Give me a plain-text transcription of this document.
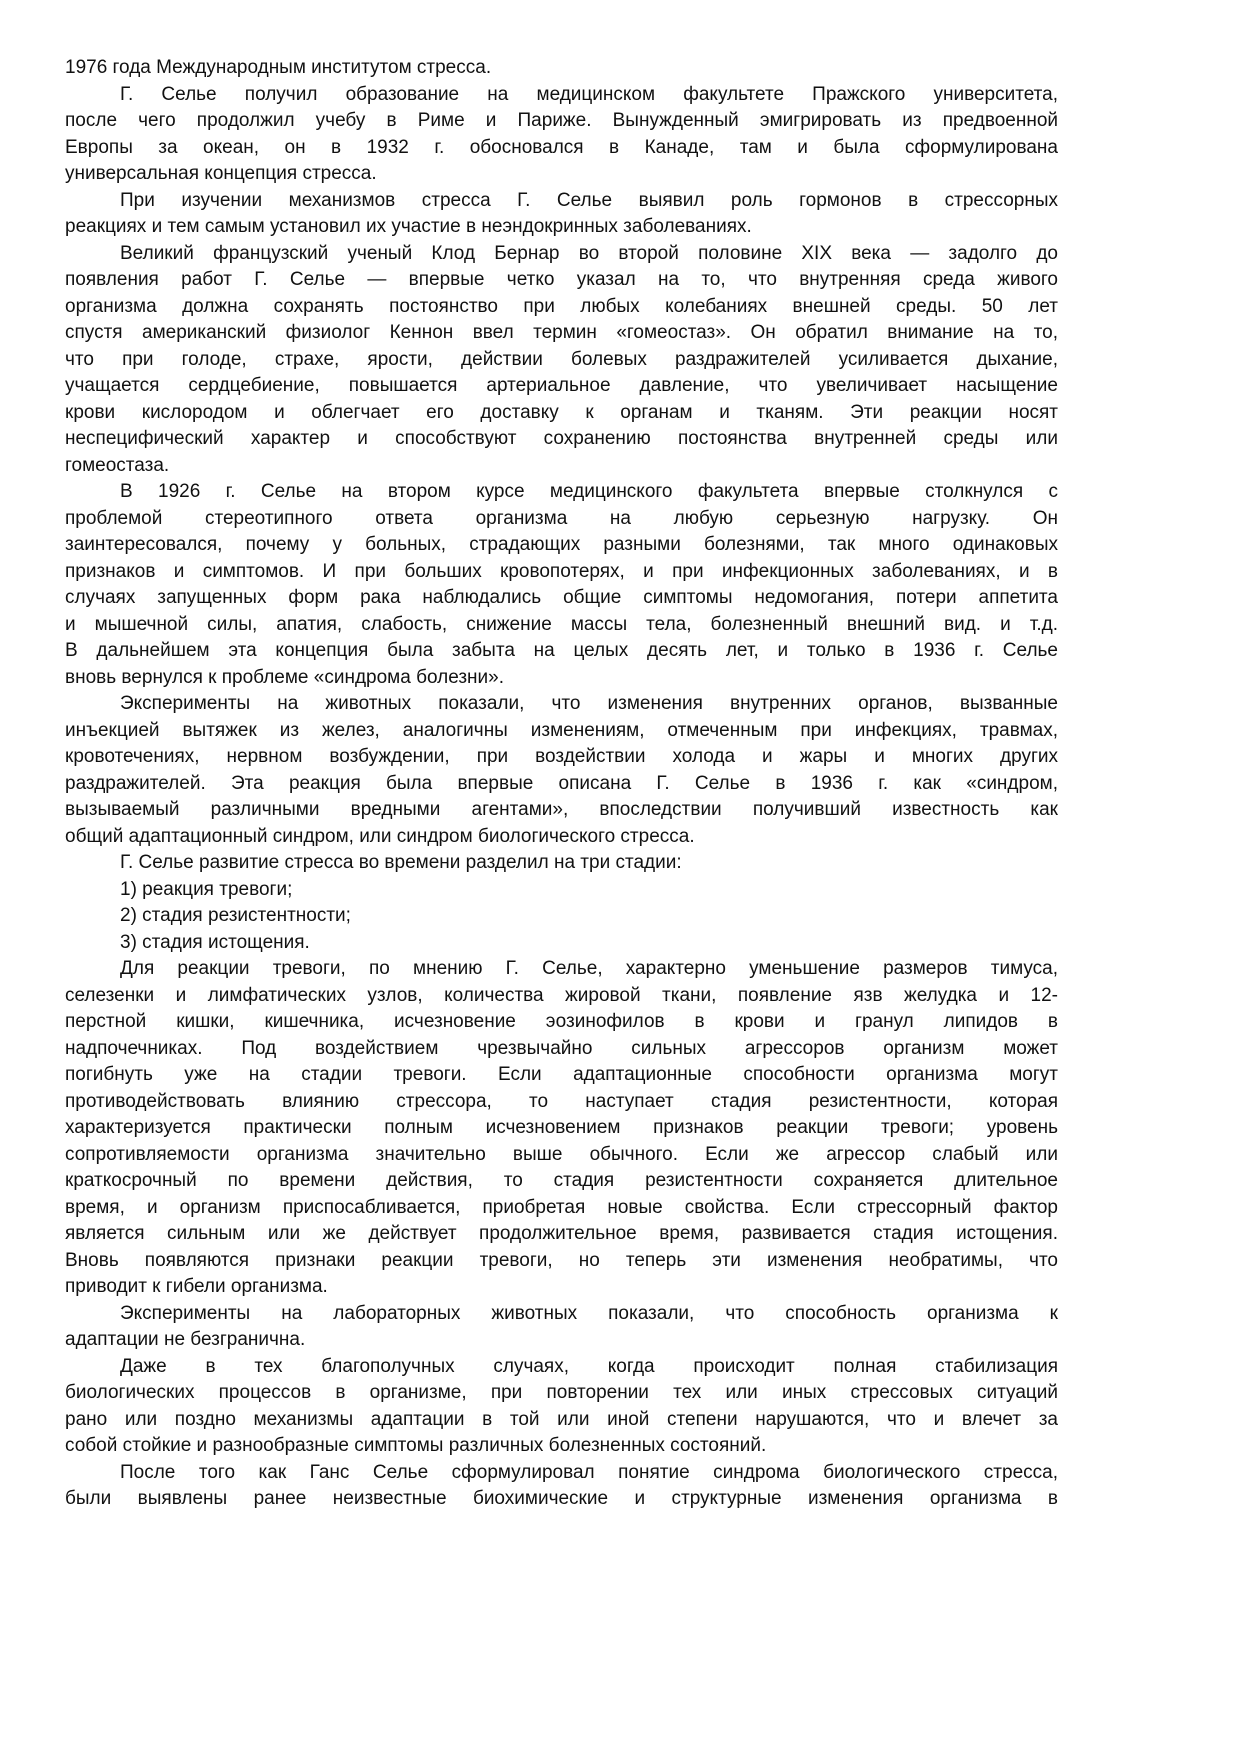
1976 года Международным институтом стресса.
Г. Селье получил образование на медицинском факультете Пражского университета,
после чего продолжил учебу в Риме и Париже. Вынужденный эмигрировать из предвоенной
Европы за океан, он в 1932 г. обосновался в Канаде, там и была сформулирована
универсальная концепция стресса.
При изучении механизмов стресса Г. Селье выявил роль гормонов в стрессорных
реакциях и тем самым установил их участие в неэндокринных заболеваниях.
Великий французский ученый Клод Бернар во второй половине XIX века — задолго до
появления работ Г. Селье — впервые четко указал на то, что внутренняя среда живого
организма должна сохранять постоянство при любых колебаниях внешней среды. 50 лет
спустя американский физиолог Кеннон ввел термин «гомеостаз». Он обратил внимание на то,
что при голоде, страхе, ярости, действии болевых раздражителей усиливается дыхание,
учащается сердцебиение, повышается артериальное давление, что увеличивает насыщение
крови кислородом и облегчает его доставку к органам и тканям. Эти реакции носят
неспецифический характер и способствуют сохранению постоянства внутренней среды или
гомеостаза.
В 1926 г. Селье на втором курсе медицинского факультета впервые столкнулся с
проблемой стереотипного ответа организма на любую серьезную нагрузку. Он
заинтересовался, почему у больных, страдающих разными болезнями, так много одинаковых
признаков и симптомов. И при больших кровопотерях, и при инфекционных заболеваниях, и в
случаях запущенных форм рака наблюдались общие симптомы недомогания, потери аппетита
и мышечной силы, апатия, слабость, снижение массы тела, болезненный внешний вид. и т.д.
В дальнейшем эта концепция была забыта на целых десять лет, и только в 1936 г. Селье
вновь вернулся к проблеме «синдрома болезни».
Эксперименты на животных показали, что изменения внутренних органов, вызванные
инъекцией вытяжек из желез, аналогичны изменениям, отмеченным при инфекциях, травмах,
кровотечениях, нервном возбуждении, при воздействии холода и жары и многих других
раздражителей. Эта реакция была впервые описана Г. Селье в 1936 г. как «синдром,
вызываемый различными вредными агентами», впоследствии получивший известность как
общий адаптационный синдром, или синдром биологического стресса.
Г. Селье развитие стресса во времени разделил на три стадии:
1) реакция тревоги;
2) стадия резистентности;
3) стадия истощения.
Для реакции тревоги, по мнению Г. Селье, характерно уменьшение размеров тимуса,
селезенки и лимфатических узлов, количества жировой ткани, появление язв желудка и 12-
перстной кишки, кишечника, исчезновение эозинофилов в крови и гранул липидов в
надпочечниках. Под воздействием чрезвычайно сильных агрессоров организм может
погибнуть уже на стадии тревоги. Если адаптационные способности организма могут
противодействовать влиянию стрессора, то наступает стадия резистентности, которая
характеризуется практически полным исчезновением признаков реакции тревоги; уровень
сопротивляемости организма значительно выше обычного. Если же агрессор слабый или
краткосрочный по времени действия, то стадия резистентности сохраняется длительное
время, и организм приспосабливается, приобретая новые свойства. Если стрессорный фактор
является сильным или же действует продолжительное время, развивается стадия истощения.
Вновь появляются признаки реакции тревоги, но теперь эти изменения необратимы, что
приводит к гибели организма.
Эксперименты на лабораторных животных показали, что способность организма к
адаптации не безгранична.
Даже в тех благополучных случаях, когда происходит полная стабилизация
биологических процессов в организме, при повторении тех или иных стрессовых ситуаций
рано или поздно механизмы адаптации в той или иной степени нарушаются, что и влечет за
собой стойкие и разнообразные симптомы различных болезненных состояний.
После того как Ганс Селье сформулировал понятие синдрома биологического стресса,
были выявлены ранее неизвестные биохимические и структурные изменения организма в
